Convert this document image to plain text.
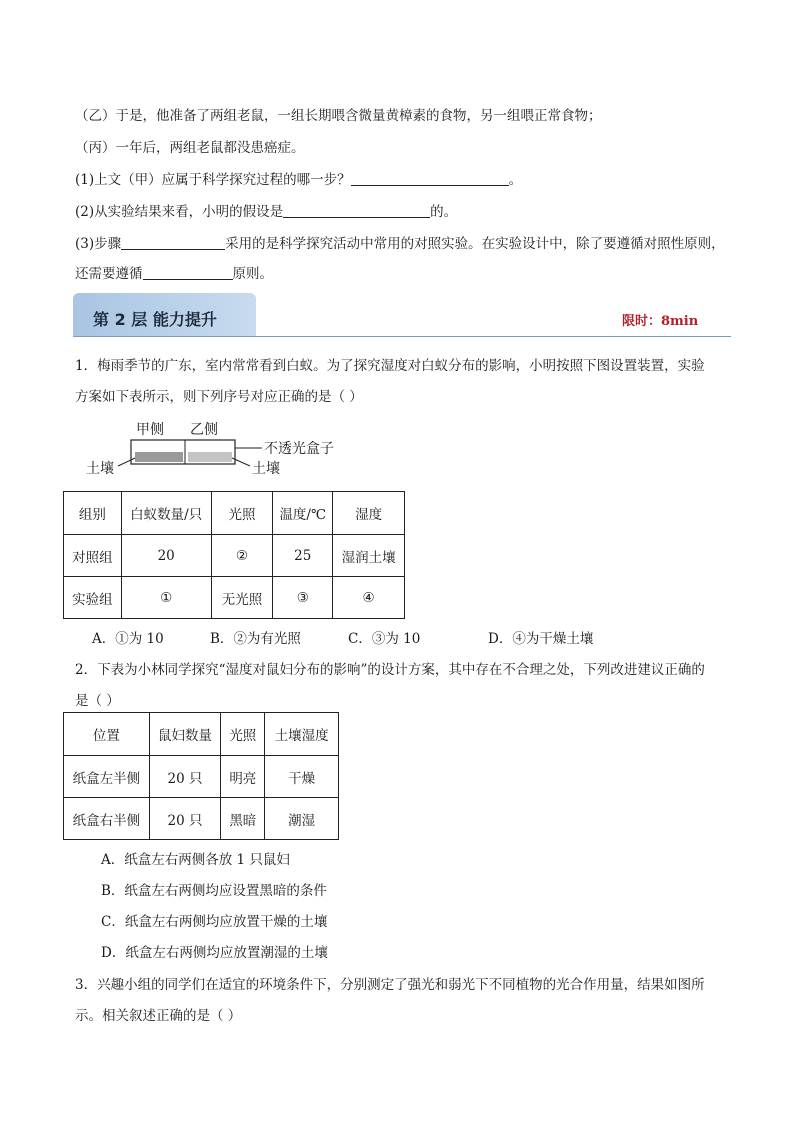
（乙）于是，他准备了两组老鼠，一组长期喂含微量黄樟素的食物，另一组喂正常食物；
（丙）一年后，两组老鼠都没患癌症。
(1)上文（甲）应属于科学探究过程的哪一步？	。
(2)从实验结果来看，小明的假设是	的。
(3)步骤	采用的是科学探究活动中常用的对照实验。在实验设计中，除了要遵循对照性原则，
还需要遵循	原则。
第 2 层 能力提升	限时：8min
1．梅雨季节的广东，室内常常看到白蚁。为了探究湿度对白蚁分布的影响，小明按照下图设置装置，实验
方案如下表所示，则下列序号对应正确的是（ ）
甲侧 乙侧
不透光盒子
土壤	土壤
组别	白蚁数量/只	光照	温度/℃	湿度
对照组	20	②	25	湿润土壤
实验组	①	无光照	③	④
A．①为 10	B．②为有光照	C．③为 10	D．④为干燥土壤
2．下表为小林同学探究“湿度对鼠妇分布的影响”的设计方案，其中存在不合理之处，下列改进建议正确的
是（ ）
位置	鼠妇数量	光照	土壤湿度
纸盒左半侧	20 只	明亮	干燥
纸盒右半侧	20 只	黑暗	潮湿
A．纸盒左右两侧各放 1 只鼠妇
B．纸盒左右两侧均应设置黑暗的条件
C．纸盒左右两侧均应放置干燥的土壤
D．纸盒左右两侧均应放置潮湿的土壤
3．兴趣小组的同学们在适宜的环境条件下，分别测定了强光和弱光下不同植物的光合作用量，结果如图所
示。相关叙述正确的是（ ）
